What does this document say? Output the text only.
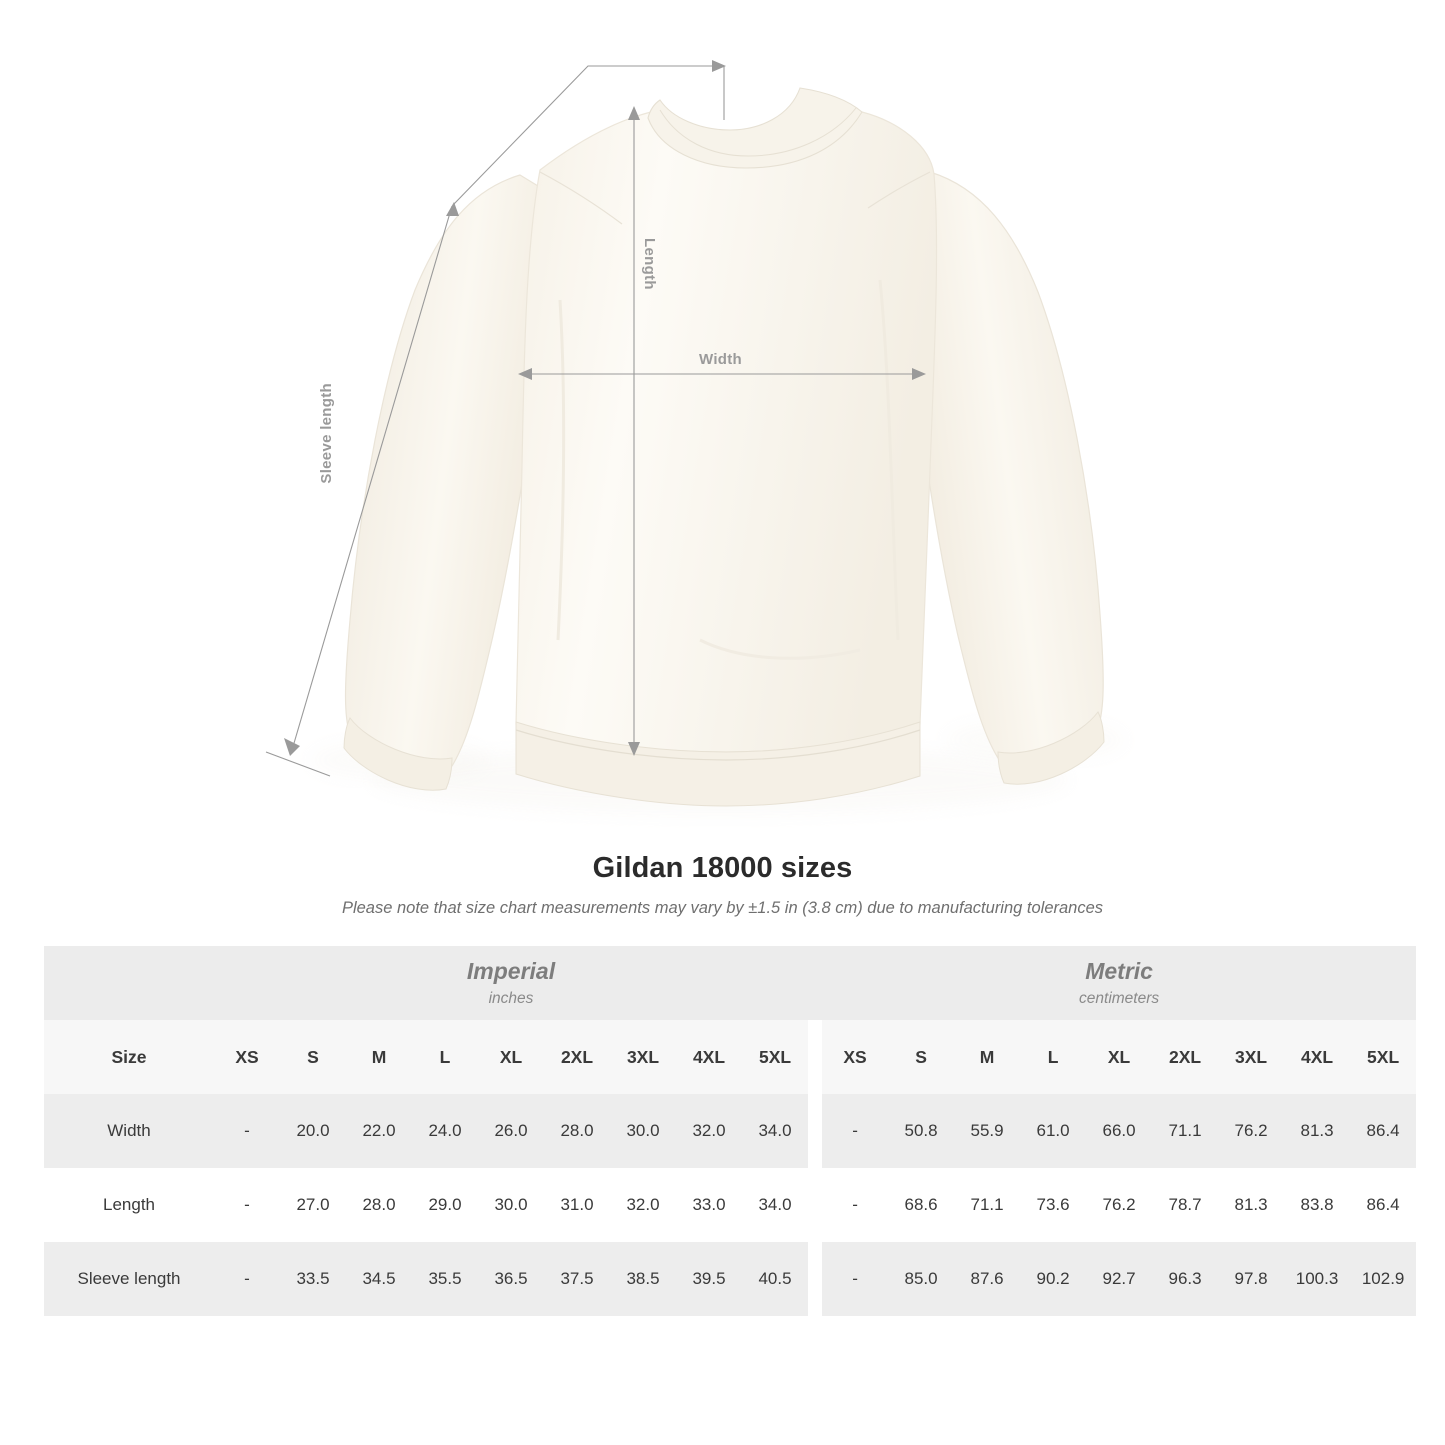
Length
Width
Sleeve length
Gildan 18000 sizes
Please note that size chart measurements may vary by ±1.5 in (3.8 cm) due to manufacturing tolerances

Imperial
inches

Metric
centimeters

Size	XS	S	M	L	XL	2XL	3XL	4XL	5XL		XS	S	M	L	XL	2XL	3XL	4XL	5XL
Width	-	20.0	22.0	24.0	26.0	28.0	30.0	32.0	34.0		-	50.8	55.9	61.0	66.0	71.1	76.2	81.3	86.4
Length	-	27.0	28.0	29.0	30.0	31.0	32.0	33.0	34.0		-	68.6	71.1	73.6	76.2	78.7	81.3	83.8	86.4
Sleeve length	-	33.5	34.5	35.5	36.5	37.5	38.5	39.5	40.5		-	85.0	87.6	90.2	92.7	96.3	97.8	100.3	102.9
